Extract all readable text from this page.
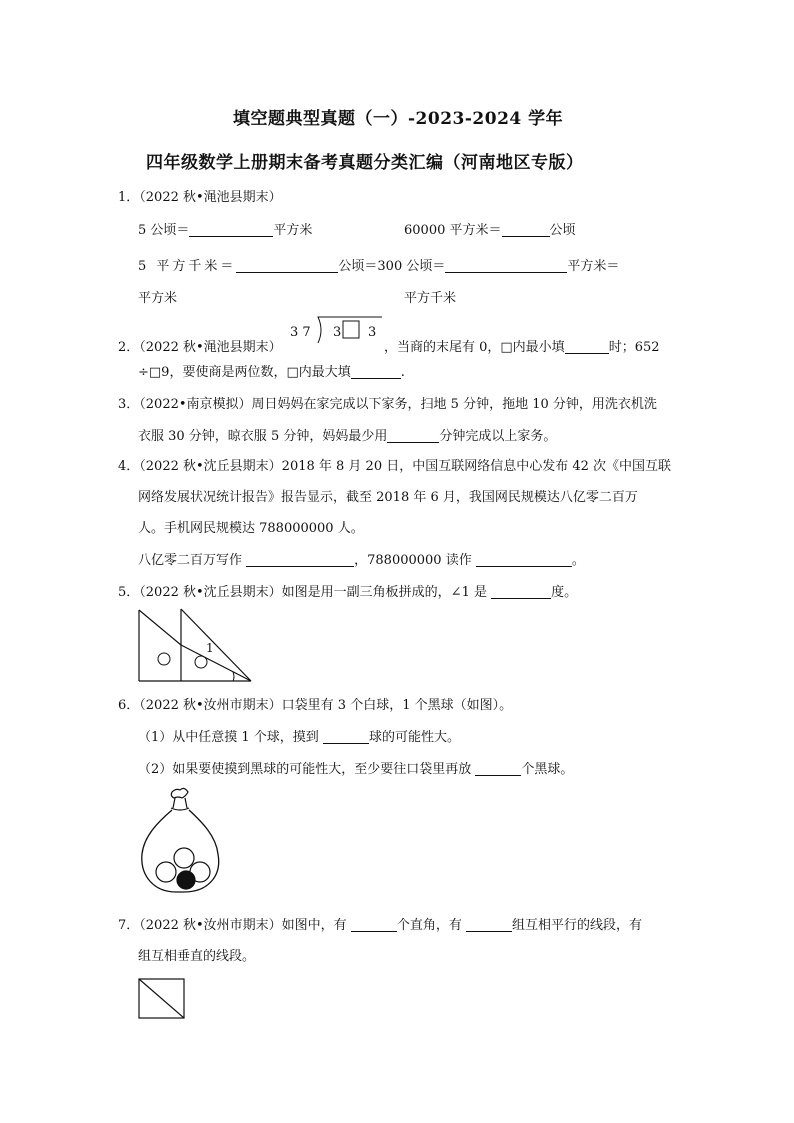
填空题典型真题（一）-2023-2024 学年
四年级数学上册期末备考真题分类汇编（河南地区专版）
1．（2022 秋•渑池县期末）
5 公顷＝	平方米	60000 平方米＝	公顷
5 平方千米＝	公顷＝300 公顷＝	平方米＝
平方米	平方千米
2．（2022 秋•渑池县期末）
3 7 3 3
，当商的末尾有 0，□内最小填	时；652
÷□9，要使商是两位数，□内最大填	.
3．（2022•南京模拟）周日妈妈在家完成以下家务，扫地 5 分钟，拖地 10 分钟，用洗衣机洗
衣服 30 分钟，晾衣服 5 分钟，妈妈最少用	分钟完成以上家务。
4．（2022 秋•沈丘县期末）2018 年 8 月 20 日，中国互联网络信息中心发布 42 次《中国互联
网络发展状况统计报告》报告显示，截至 2018 年 6 月，我国网民规模达八亿零二百万
人。手机网民规模达 788000000 人。
八亿零二百万写作	，788000000 读作	。
5．（2022 秋•沈丘县期末）如图是用一副三角板拼成的，∠1 是	度。
1
6．（2022 秋•汝州市期末）口袋里有 3 个白球，1 个黑球（如图）。
（1）从中任意摸 1 个球，摸到	球的可能性大。
（2）如果要使摸到黑球的可能性大，至少要往口袋里再放	个黑球。
7．（2022 秋•汝州市期末）如图中，有	个直角，有	组互相平行的线段，有
组互相垂直的线段。
